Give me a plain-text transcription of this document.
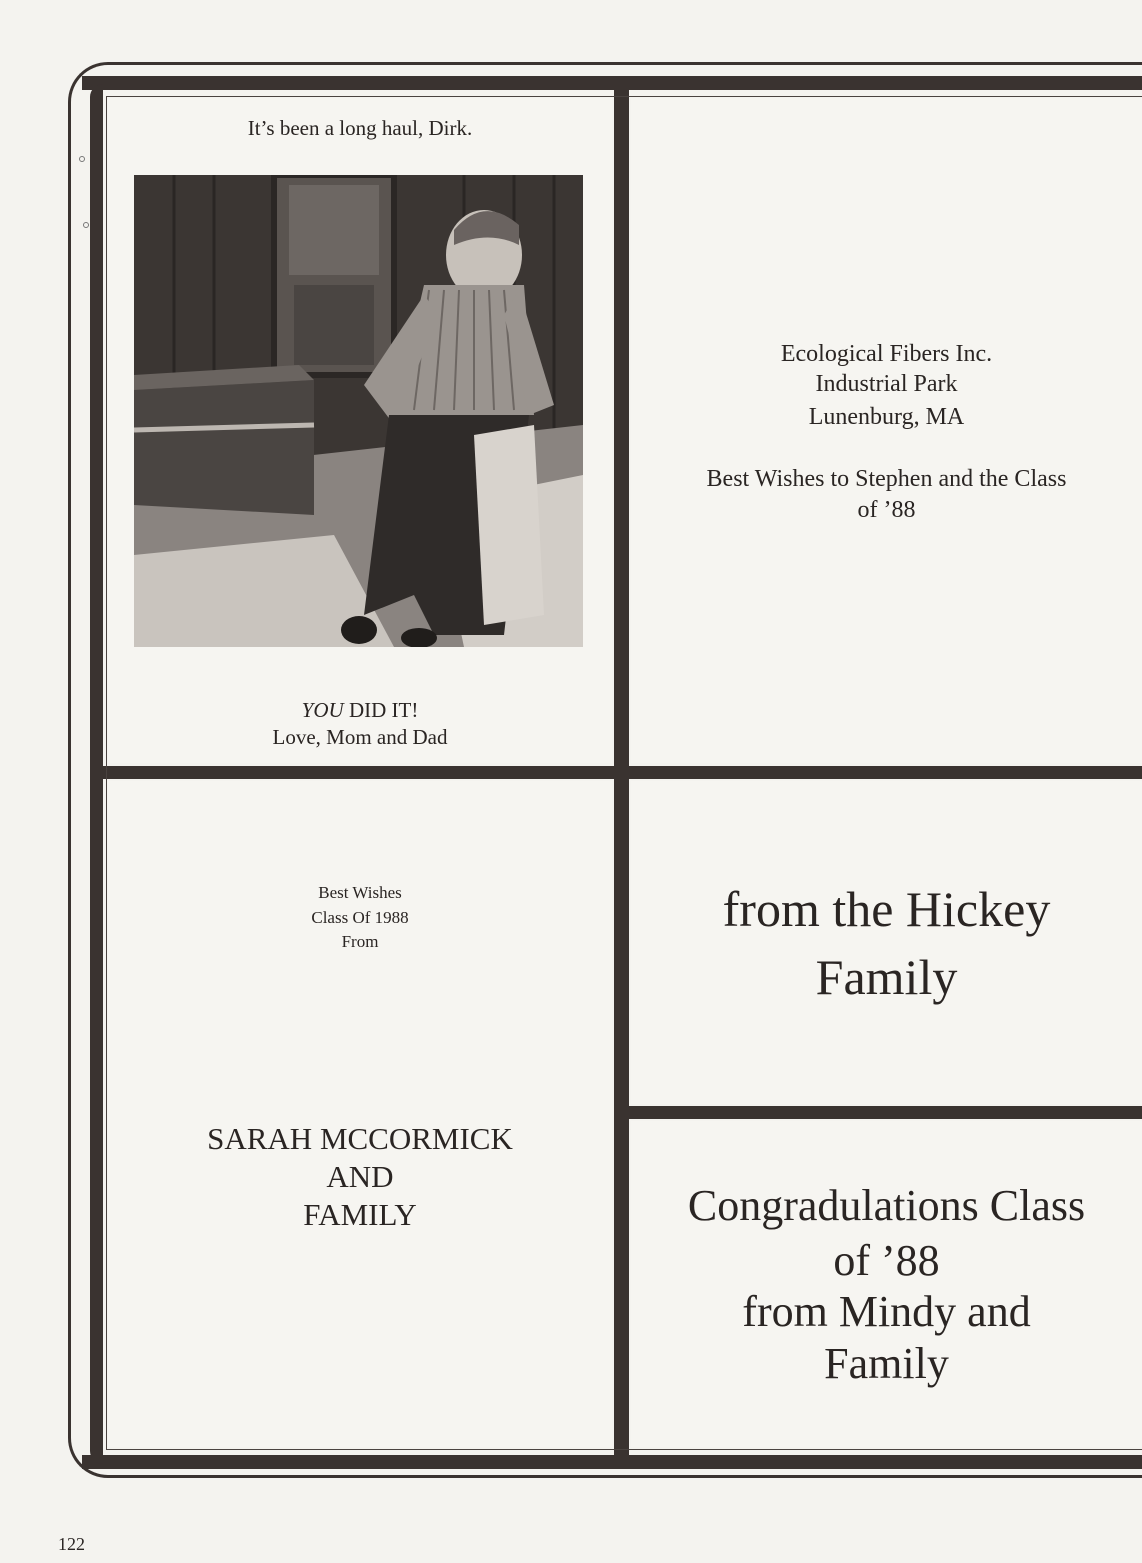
It’s been a long haul, Dirk.
YOU DID IT!
Love, Mom and Dad
Ecological Fibers Inc.
Industrial Park
Lunenburg, MA
Best Wishes to Stephen and the Class
of ’88
Best Wishes
Class Of 1988
From
SARAH MCCORMICK
AND
FAMILY
from the Hickey
Family
Congradulations Class
of ’88
from Mindy and
Family
122
